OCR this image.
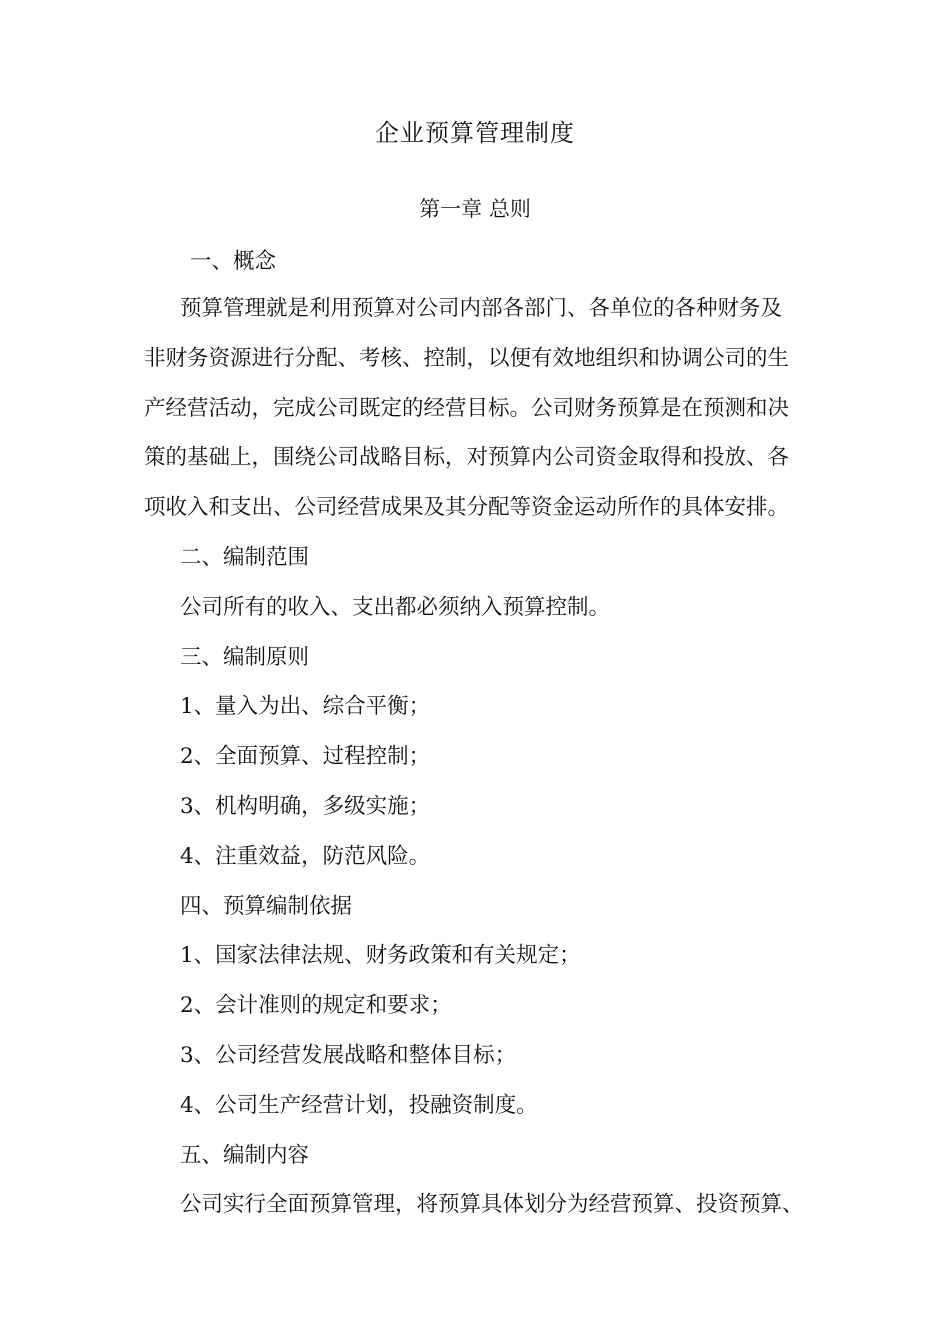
企业预算管理制度
第一章 总则
一、概念
预算管理就是利用预算对公司内部各部门、各单位的各种财务及
非财务资源进行分配、考核、控制，以便有效地组织和协调公司的生
产经营活动，完成公司既定的经营目标。公司财务预算是在预测和决
策的基础上，围绕公司战略目标，对预算内公司资金取得和投放、各
项收入和支出、公司经营成果及其分配等资金运动所作的具体安排。
二、编制范围
公司所有的收入、支出都必须纳入预算控制。
三、编制原则
1、量入为出、综合平衡；
2、全面预算、过程控制；
3、机构明确，多级实施；
4、注重效益，防范风险。
四、预算编制依据
1、国家法律法规、财务政策和有关规定；
2、会计准则的规定和要求；
3、公司经营发展战略和整体目标；
4、公司生产经营计划，投融资制度。
五、编制内容
公司实行全面预算管理，将预算具体划分为经营预算、投资预算、
